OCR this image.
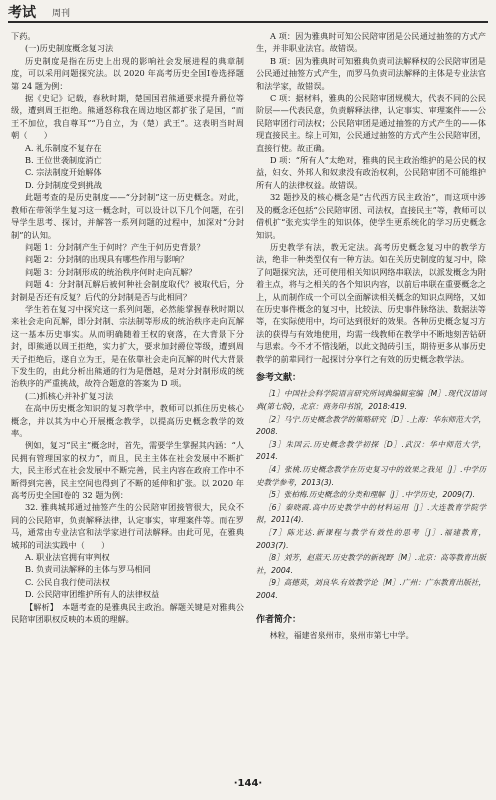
考试 周刊

下药。

(一)历史制度概念复习法

历史制度是指在历史上出现的影响社会发展进程的典章制度，可以采用问题探究法。以 2020 年高考历史全国Ⅰ卷选择题第 24 题为例：

据《史记》记载，春秋时期，楚国国君熊通要求提升爵位等级，遭到周王拒绝。熊通怒称我在周边地区都扩张了是国，“而王不加位，我自尊耳”“乃自立，为（楚）武王”。这表明当时周朝（　　）

A. 礼乐制度不复存在

B. 王位世袭制度消亡

C. 宗法制度开始解体

D. 分封制度受到挑战

此题考查的是历史制度——“分封制”这一历史概念。对此，教师在带领学生复习这一概念时，可以设计以下几个问题，在引导学生思考、探讨，并解答一系列问题的过程中，加深对“分封制”的认知。

问题 1：分封制产生于何时？产生于何历史背景？

问题 2：分封制的出现具有哪些作用与影响？

问题 3：分封制形成的统治秩序何时走向瓦解？

问题 4：分封制瓦解后被何种社会制度取代？被取代后，分封制是否还有反复？后代的分封制是否与此相同？

学生若在复习中探究这一系列问题，必然能掌握春秋时期以来社会走向瓦解，即分封制、宗法制等形成的统治秩序走向瓦解这一基本历史事实。从而明确随着王权的衰落，在大背景下分封，即熊通以周王拒绝，实力扩大，要求加封爵位等级，遭到周天子拒绝后，遂自立为王，是在依靠社会走向瓦解的时代大背景下发生的，由此分析出熊通的行为是僭越，是对分封制形成的统治秩序的严重挑战，故符合题意的答案为 D 项。

(二)抓核心并补扩复习法

在高中历史概念知识的复习教学中，教师可以抓住历史核心概念，并以其为中心开展概念教学，以提高历史概念教学的效率。

例如，复习“民主”概念时，首先，需要学生掌握其内涵：“人民拥有管理国家的权力”，而且，民主主体在社会发展中不断扩大，民主形式在社会发展中不断完善，民主内容在政府工作中不断得到完善，民主空间也得到了不断的延伸和扩张。以 2020 年高考历史全国Ⅰ卷的 32 题为例：

32. 雅典城邦通过抽签产生的公民陪审团接管很大，民众不同的公民陪审，负责解释法律，认定事实，审理案件等。而在罗马，通常由专业法官和法学家进行司法解释。由此可见，在雅典城邦的司法实践中（　　）

A. 职业法官拥有审判权

B. 负责司法解释的主体与罗马相同

C. 公民自我行使司法权

D. 公民陪审团维护所有人的法律权益

【解析】　本题考查的是雅典民主政治。解题关键是对雅典公民陪审团职权反映的本质的理解。

A 项：因为雅典时可知公民陪审团是公民通过抽签的方式产生，并非职业法官。故错误。

B 项：因为雅典时可知雅典负责司法解释权的公民陪审团是公民通过抽签方式产生，而罗马负责司法解释的主体是专业法官和法学家，故错误。

C 项：据材料，雅典的公民陪审团规模大，代表不同的公民阶层——代表民意，负责解释法律，认定事实、审理案件——公民陪审团行司法权；公民陪审团是通过抽签的方式产生的——体现直接民主。综上可知，公民通过抽签的方式产生公民陪审团，直接行使。故正确。

D 项：“所有人”太绝对，雅典的民主政治维护的是公民的权益，妇女、外邦人和奴隶没有政治权利，公民陪审团不可能维护所有人的法律权益。故错误。

32 题抄及的核心概念是“古代西方民主政治”，而这项中涉及的概念还包括“公民陪审团、司法权，直接民主”等，教师可以借机扩“张充实学生的知识体，使学生更系统化的学习历史概念知识。

历史教学有法，教无定法。高考历史概念复习中的教学方法，绝非一种类型仅有一种方法。如在关历史制度的复习中，除了问题探究法，还可使用相关知识网络串联法，以派发概念为附着主点，将与之相关的各个知识内容，以前后串联在重要概念之上，从而制作成一个可以全面解读相关概念的知识点网络，又如在历史事件概念的复习中，比较法、历史事件脉络法、数据法等等，在实际使用中，均可达到很好的效果。各种历史概念复习方法的获得与有效地使用，均需一线教师在教学中不断地刻苦钻研与思索。今不才不惜浅陋，以此文抛砖引玉，期待更多从事历史教学的前辈同行一起探讨分享行之有效的历史概念教学法。

参考文献：

［1］中国社会科学院语言研究所词典编辑室编［M］.现代汉语词典(第七版)，北京：商务印书馆，2018:419.

［2］马宁.历史概念教学的策略研究［D］.上海：华东师范大学，2008.

［3］朱国云.历史概念教学初探［D］.武汉：华中师范大学，2014.

［4］张桃.历史概念教学在历史复习中的效果之我见［J］.中学历史教学参考，2013(3).

［5］张柏梅.历史概念的分类和理解［J］.中学历史，2009(7).

［6］秦晓霞.高中历史教学中的材料运用［J］.大连教育学院学报，2011(4).

［7］陈光达.新课程与教学有效性的思考［J］.福建教育，2003(7).

［8］刘芳，赵蓝天.历史教学的新视野［M］.北京：高等教育出版社，2004.

［9］高德英，刘良华.有效教学论［M］.广州：广东教育出版社，2004.

作者简介：

林粒，福建省泉州市，泉州市第七中学。

·144·
